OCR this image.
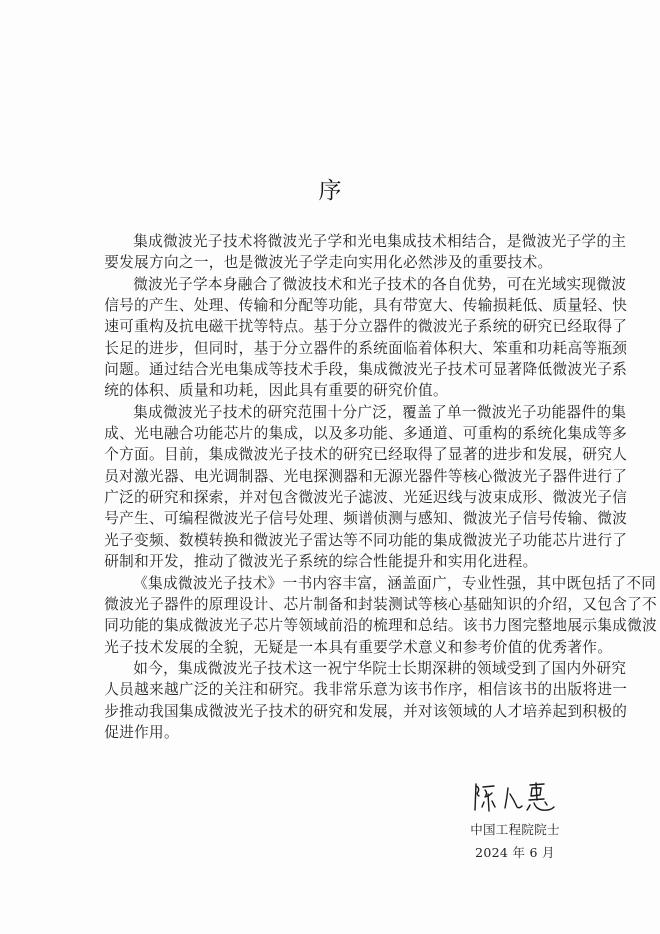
序

集成微波光子技术将微波光子学和光电集成技术相结合，是微波光子学的主
要发展方向之一，也是微波光子学走向实用化必然涉及的重要技术。

微波光子学本身融合了微波技术和光子技术的各自优势，可在光域实现微波
信号的产生、处理、传输和分配等功能，具有带宽大、传输损耗低、质量轻、快
速可重构及抗电磁干扰等特点。基于分立器件的微波光子系统的研究已经取得了
长足的进步，但同时，基于分立器件的系统面临着体积大、笨重和功耗高等瓶颈
问题。通过结合光电集成等技术手段，集成微波光子技术可显著降低微波光子系
统的体积、质量和功耗，因此具有重要的研究价值。

集成微波光子技术的研究范围十分广泛，覆盖了单一微波光子功能器件的集
成、光电融合功能芯片的集成，以及多功能、多通道、可重构的系统化集成等多
个方面。目前，集成微波光子技术的研究已经取得了显著的进步和发展，研究人
员对激光器、电光调制器、光电探测器和无源光器件等核心微波光子器件进行了
广泛的研究和探索，并对包含微波光子滤波、光延迟线与波束成形、微波光子信
号产生、可编程微波光子信号处理、频谱侦测与感知、微波光子信号传输、微波
光子变频、数模转换和微波光子雷达等不同功能的集成微波光子功能芯片进行了
研制和开发，推动了微波光子系统的综合性能提升和实用化进程。

《集成微波光子技术》一书内容丰富，涵盖面广，专业性强，其中既包括了不同
微波光子器件的原理设计、芯片制备和封装测试等核心基础知识的介绍，又包含了不
同功能的集成微波光子芯片等领域前沿的梳理和总结。该书力图完整地展示集成微波
光子技术发展的全貌，无疑是一本具有重要学术意义和参考价值的优秀著作。

如今，集成微波光子技术这一祝宁华院士长期深耕的领域受到了国内外研究
人员越来越广泛的关注和研究。我非常乐意为该书作序，相信该书的出版将进一
步推动我国集成微波光子技术的研究和发展，并对该领域的人才培养起到积极的
促进作用。

中国工程院院士
2024 年 6 月
